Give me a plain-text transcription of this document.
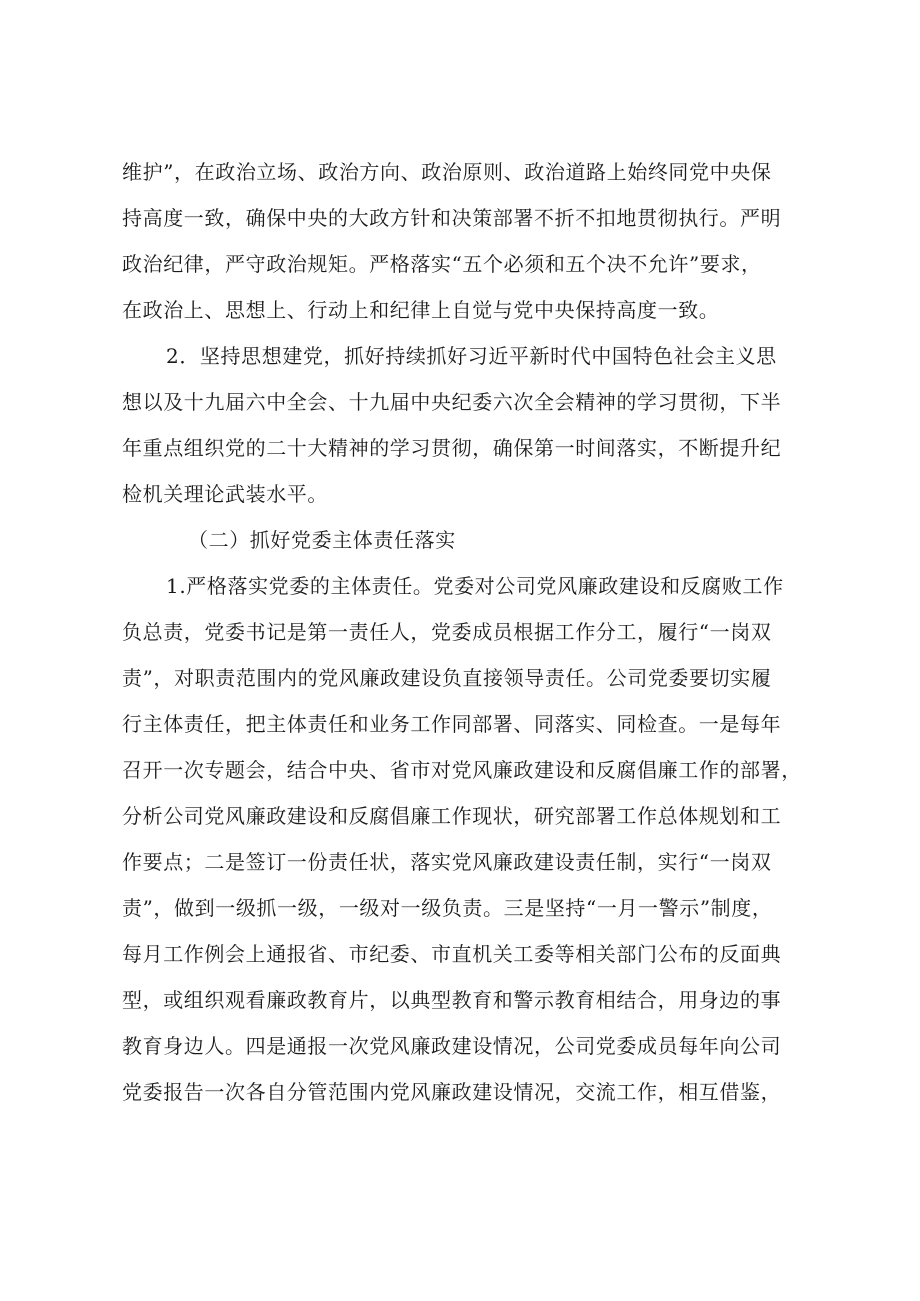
维护”，在政治立场、政治方向、政治原则、政治道路上始终同党中央保
持高度一致，确保中央的大政方针和决策部署不折不扣地贯彻执行。严明
政治纪律，严守政治规矩。严格落实“五个必须和五个决不允许”要求，
在政治上、思想上、行动上和纪律上自觉与党中央保持高度一致。
2．坚持思想建党，抓好持续抓好习近平新时代中国特色社会主义思
想以及十九届六中全会、十九届中央纪委六次全会精神的学习贯彻，下半
年重点组织党的二十大精神的学习贯彻，确保第一时间落实，不断提升纪
检机关理论武装水平。
（二）抓好党委主体责任落实
1.严格落实党委的主体责任。党委对公司党风廉政建设和反腐败工作
负总责，党委书记是第一责任人，党委成员根据工作分工，履行“一岗双
责”，对职责范围内的党风廉政建设负直接领导责任。公司党委要切实履
行主体责任，把主体责任和业务工作同部署、同落实、同检查。一是每年
召开一次专题会，结合中央、省市对党风廉政建设和反腐倡廉工作的部署，
分析公司党风廉政建设和反腐倡廉工作现状，研究部署工作总体规划和工
作要点；二是签订一份责任状，落实党风廉政建设责任制，实行“一岗双
责”，做到一级抓一级，一级对一级负责。三是坚持“一月一警示”制度，
每月工作例会上通报省、市纪委、市直机关工委等相关部门公布的反面典
型，或组织观看廉政教育片，以典型教育和警示教育相结合，用身边的事
教育身边人。四是通报一次党风廉政建设情况，公司党委成员每年向公司
党委报告一次各自分管范围内党风廉政建设情况，交流工作，相互借鉴，
